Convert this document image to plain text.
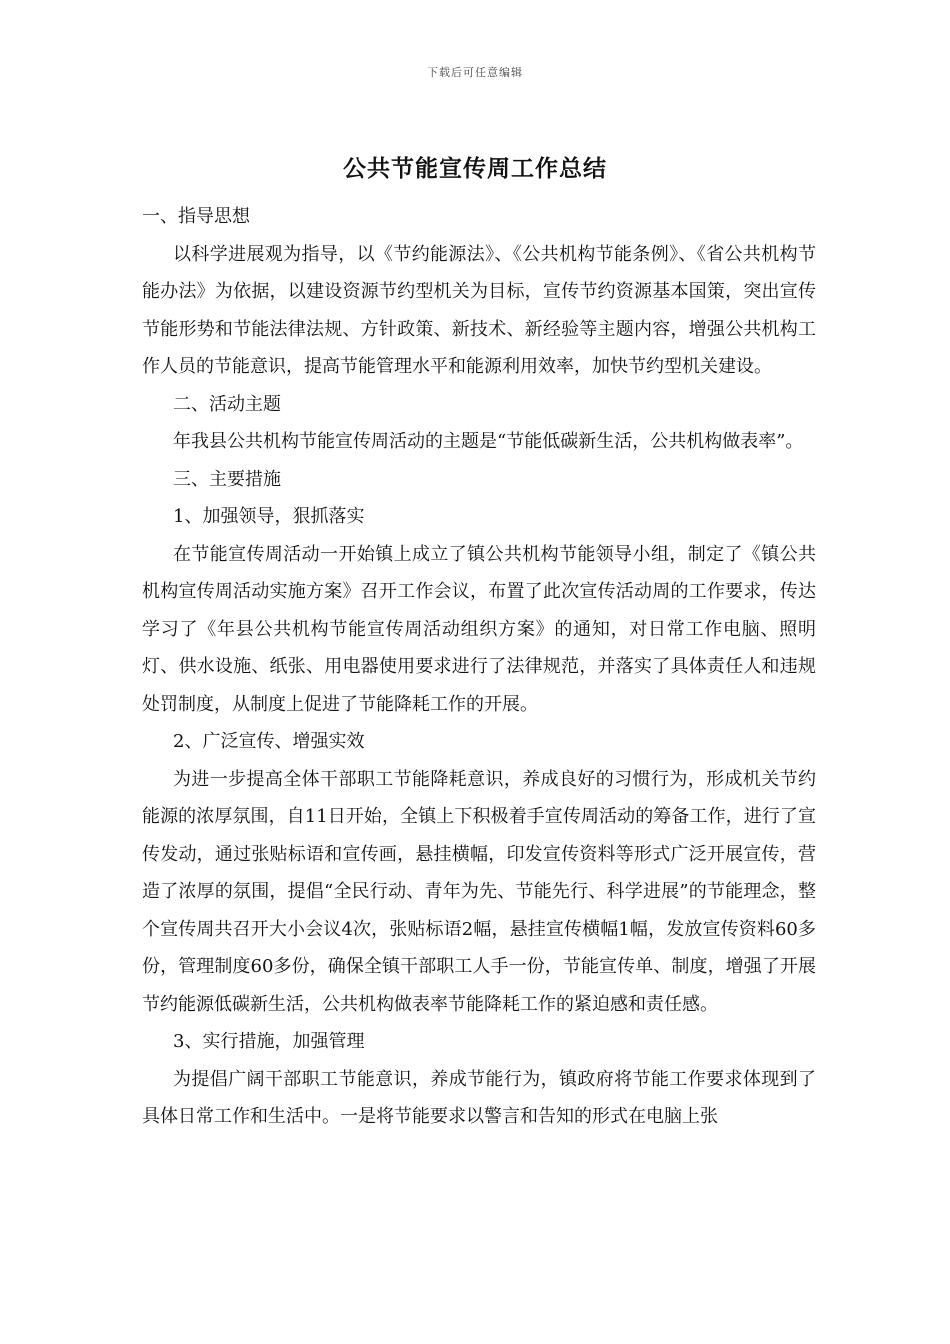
下载后可任意编辑
公共节能宣传周工作总结

一、指导思想

以科学进展观为指导，以《节约能源法》、《公共机构节能条例》、《省公共机构节能办法》为依据，以建设资源节约型机关为目标，宣传节约资源基本国策，突出宣传节能形势和节能法律法规、方针政策、新技术、新经验等主题内容，增强公共机构工作人员的节能意识，提高节能管理水平和能源利用效率，加快节约型机关建设。

二、活动主题

年我县公共机构节能宣传周活动的主题是“节能低碳新生活，公共机构做表率”。

三、主要措施

1、加强领导，狠抓落实

在节能宣传周活动一开始镇上成立了镇公共机构节能领导小组，制定了《镇公共机构宣传周活动实施方案》召开工作会议，布置了此次宣传活动周的工作要求，传达学习了《年县公共机构节能宣传周活动组织方案》的通知，对日常工作电脑、照明灯、供水设施、纸张、用电器使用要求进行了法律规范，并落实了具体责任人和违规处罚制度，从制度上促进了节能降耗工作的开展。

2、广泛宣传、增强实效

为进一步提高全体干部职工节能降耗意识，养成良好的习惯行为，形成机关节约能源的浓厚氛围，自11日开始，全镇上下积极着手宣传周活动的筹备工作，进行了宣传发动，通过张贴标语和宣传画，悬挂横幅，印发宣传资料等形式广泛开展宣传，营造了浓厚的氛围，提倡“全民行动、青年为先、节能先行、科学进展”的节能理念，整个宣传周共召开大小会议4次，张贴标语2幅，悬挂宣传横幅1幅，发放宣传资料60多份，管理制度60多份，确保全镇干部职工人手一份，节能宣传单、制度，增强了开展节约能源低碳新生活，公共机构做表率节能降耗工作的紧迫感和责任感。

3、实行措施，加强管理

为提倡广阔干部职工节能意识，养成节能行为，镇政府将节能工作要求体现到了具体日常工作和生活中。一是将节能要求以警言和告知的形式在电脑上张
